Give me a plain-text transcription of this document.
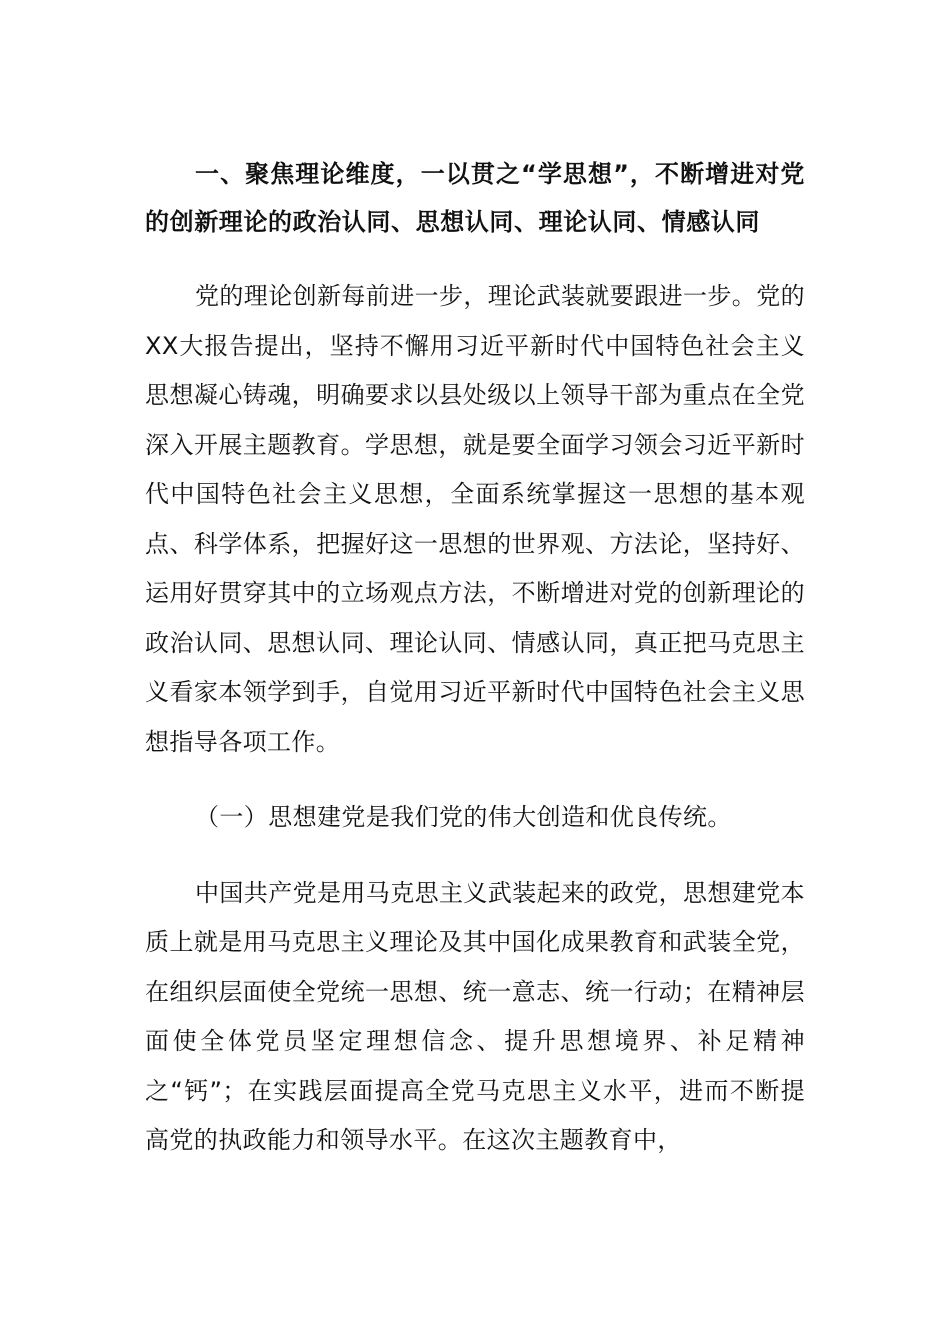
一、聚焦理论维度，一以贯之“学思想”，不断增进对党的创新理论的政治认同、思想认同、理论认同、情感认同

党的理论创新每前进一步，理论武装就要跟进一步。党的XX大报告提出，坚持不懈用习近平新时代中国特色社会主义思想凝心铸魂，明确要求以县处级以上领导干部为重点在全党深入开展主题教育。学思想，就是要全面学习领会习近平新时代中国特色社会主义思想，全面系统掌握这一思想的基本观点、科学体系，把握好这一思想的世界观、方法论，坚持好、运用好贯穿其中的立场观点方法，不断增进对党的创新理论的政治认同、思想认同、理论认同、情感认同，真正把马克思主义看家本领学到手，自觉用习近平新时代中国特色社会主义思想指导各项工作。

（一）思想建党是我们党的伟大创造和优良传统。

中国共产党是用马克思主义武装起来的政党，思想建党本质上就是用马克思主义理论及其中国化成果教育和武装全党，在组织层面使全党统一思想、统一意志、统一行动；在精神层面使全体党员坚定理想信念、提升思想境界、补足精神之“钙”；在实践层面提高全党马克思主义水平，进而不断提高党的执政能力和领导水平。在这次主题教育中，
